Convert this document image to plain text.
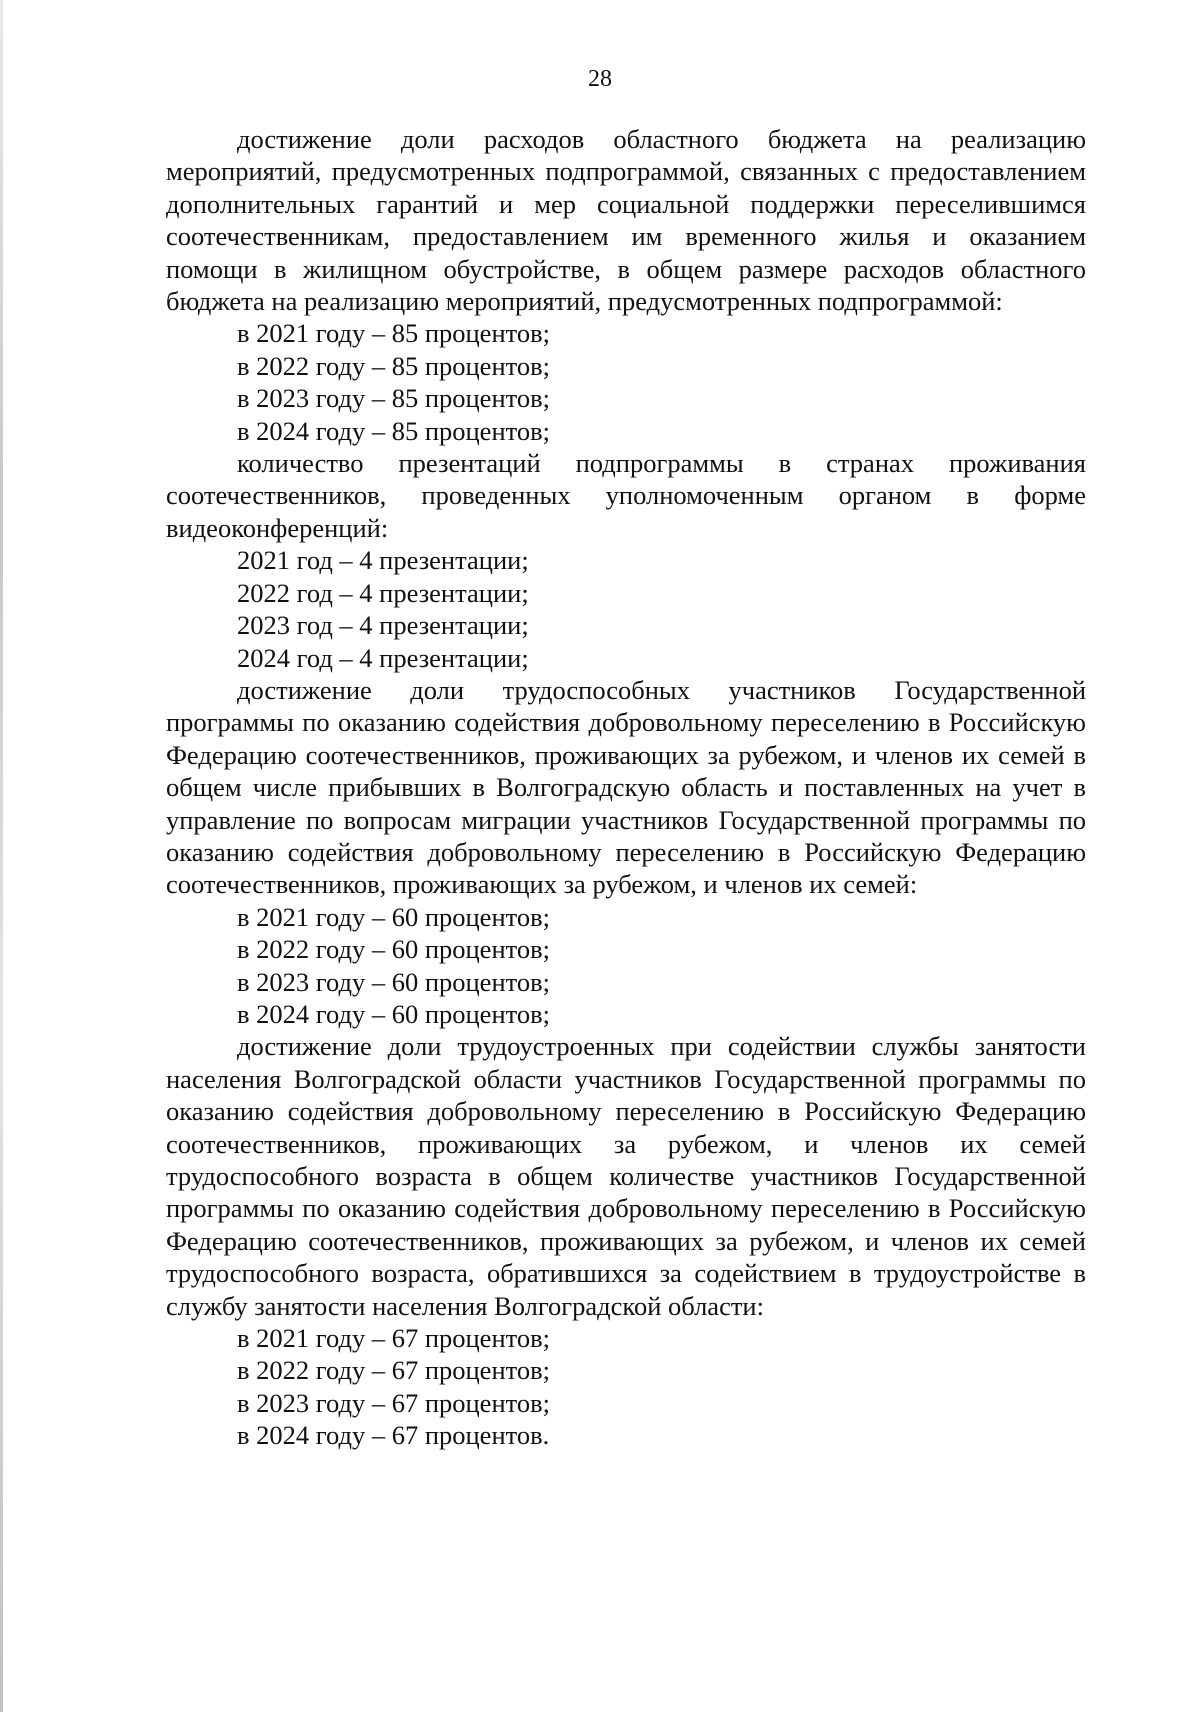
28

достижение доли расходов областного бюджета на реализацию мероприятий, предусмотренных подпрограммой, связанных с предоставлением дополнительных гарантий и мер социальной поддержки переселившимся соотечественникам, предоставлением им временного жилья и оказанием помощи в жилищном обустройстве, в общем размере расходов областного бюджета на реализацию мероприятий, предусмотренных подпрограммой:

в 2021 году – 85 процентов;

в 2022 году – 85 процентов;

в 2023 году – 85 процентов;

в 2024 году – 85 процентов;

количество презентаций подпрограммы в странах проживания соотечественников, проведенных уполномоченным органом в форме видеоконференций:

2021 год – 4 презентации;

2022 год – 4 презентации;

2023 год – 4 презентации;

2024 год – 4 презентации;

достижение доли трудоспособных участников Государственной программы по оказанию содействия добровольному переселению в Российскую Федерацию соотечественников, проживающих за рубежом, и членов их семей в общем числе прибывших в Волгоградскую область и поставленных на учет в управление по вопросам миграции участников Государственной программы по оказанию содействия добровольному переселению в Российскую Федерацию соотечественников, проживающих за рубежом, и членов их семей:

в 2021 году – 60 процентов;

в 2022 году – 60 процентов;

в 2023 году – 60 процентов;

в 2024 году – 60 процентов;

достижение доли трудоустроенных при содействии службы занятости населения Волгоградской области участников Государственной программы по оказанию содействия добровольному переселению в Российскую Федерацию соотечественников, проживающих за рубежом, и членов их семей трудоспособного возраста в общем количестве участников Государственной программы по оказанию содействия добровольному переселению в Российскую Федерацию соотечественников, проживающих за рубежом, и членов их семей трудоспособного возраста, обратившихся за содействием в трудоустройстве в службу занятости населения Волгоградской области:

в 2021 году – 67 процентов;

в 2022 году – 67 процентов;

в 2023 году – 67 процентов;

в 2024 году – 67 процентов.
